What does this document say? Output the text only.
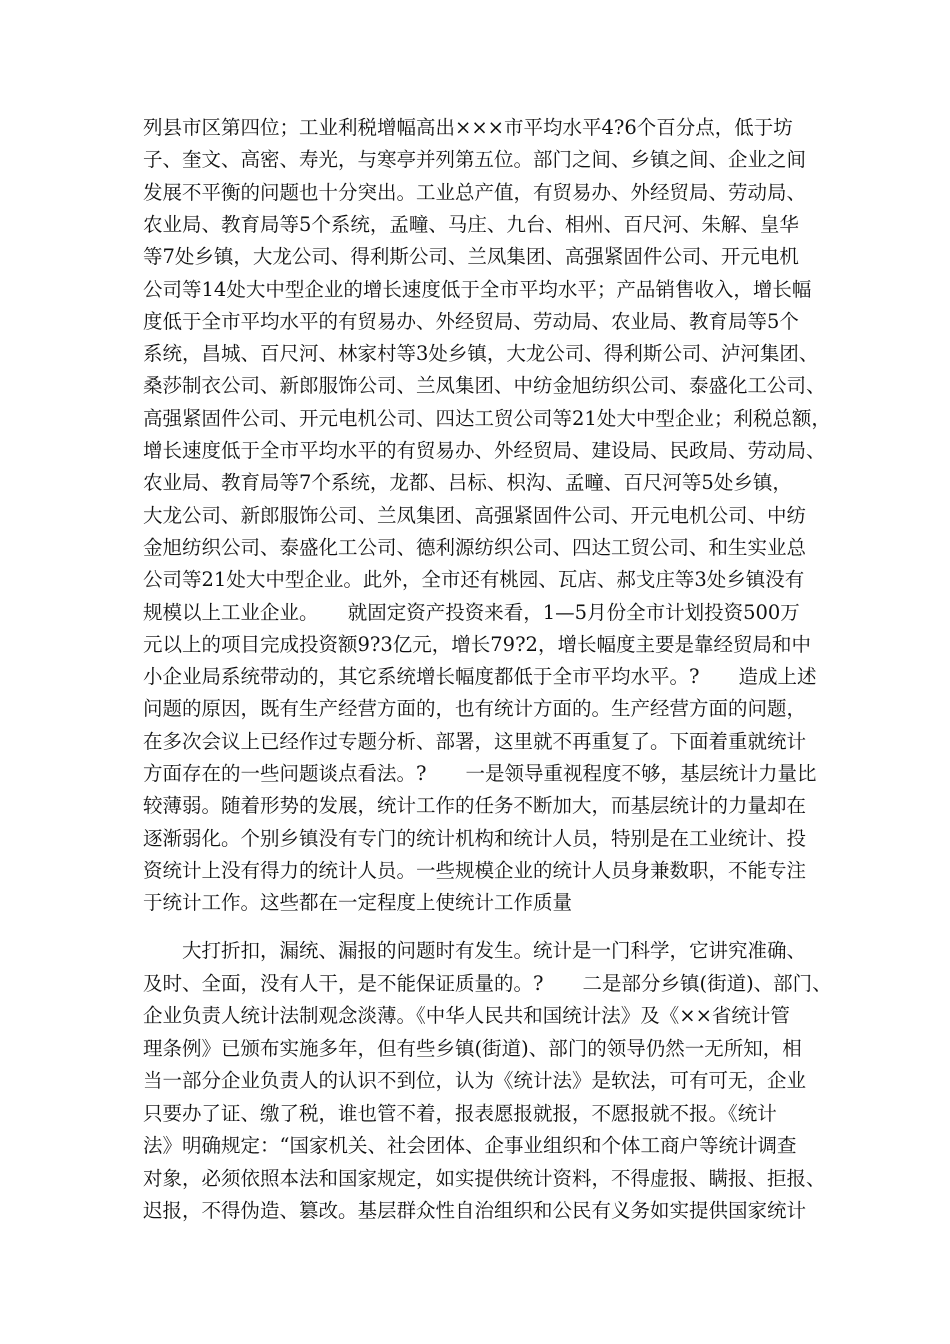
列县市区第四位；工业利税增幅高出×××市平均水平4?6个百分点，低于坊

子、奎文、高密、寿光，与寒亭并列第五位。部门之间、乡镇之间、企业之间

发展不平衡的问题也十分突出。工业总产值，有贸易办、外经贸局、劳动局、

农业局、教育局等5个系统，孟疃、马庄、九台、相州、百尺河、朱解、皇华

等7处乡镇，大龙公司、得利斯公司、兰凤集团、高强紧固件公司、开元电机

公司等14处大中型企业的增长速度低于全市平均水平；产品销售收入，增长幅

度低于全市平均水平的有贸易办、外经贸局、劳动局、农业局、教育局等5个

系统，昌城、百尺河、林家村等3处乡镇，大龙公司、得利斯公司、泸河集团、

桑莎制衣公司、新郎服饰公司、兰凤集团、中纺金旭纺织公司、泰盛化工公司、

高强紧固件公司、开元电机公司、四达工贸公司等21处大中型企业；利税总额，

增长速度低于全市平均水平的有贸易办、外经贸局、建设局、民政局、劳动局、

农业局、教育局等7个系统，龙都、吕标、枳沟、孟疃、百尺河等5处乡镇，

大龙公司、新郎服饰公司、兰凤集团、高强紧固件公司、开元电机公司、中纺

金旭纺织公司、泰盛化工公司、德利源纺织公司、四达工贸公司、和生实业总

公司等21处大中型企业。此外，全市还有桃园、瓦店、郝戈庄等3处乡镇没有

规模以上工业企业。　　就固定资产投资来看，1—5月份全市计划投资500万

元以上的项目完成投资额9?3亿元，增长79?2，增长幅度主要是靠经贸局和中

小企业局系统带动的，其它系统增长幅度都低于全市平均水平。?　　造成上述

问题的原因，既有生产经营方面的，也有统计方面的。生产经营方面的问题，

在多次会议上已经作过专题分析、部署，这里就不再重复了。下面着重就统计

方面存在的一些问题谈点看法。?　　一是领导重视程度不够，基层统计力量比

较薄弱。随着形势的发展，统计工作的任务不断加大，而基层统计的力量却在

逐渐弱化。个别乡镇没有专门的统计机构和统计人员，特别是在工业统计、投

资统计上没有得力的统计人员。一些规模企业的统计人员身兼数职，不能专注

于统计工作。这些都在一定程度上使统计工作质量

　　大打折扣，漏统、漏报的问题时有发生。统计是一门科学，它讲究准确、

及时、全面，没有人干，是不能保证质量的。?　　二是部分乡镇(街道)、部门、

企业负责人统计法制观念淡薄。《中华人民共和国统计法》及《××省统计管

理条例》已颁布实施多年，但有些乡镇(街道)、部门的领导仍然一无所知，相

当一部分企业负责人的认识不到位，认为《统计法》是软法，可有可无，企业

只要办了证、缴了税，谁也管不着，报表愿报就报，不愿报就不报。《统计

法》明确规定：“国家机关、社会团体、企事业组织和个体工商户等统计调查

对象，必须依照本法和国家规定，如实提供统计资料，不得虚报、瞒报、拒报、

迟报，不得伪造、篡改。基层群众性自治组织和公民有义务如实提供国家统计
